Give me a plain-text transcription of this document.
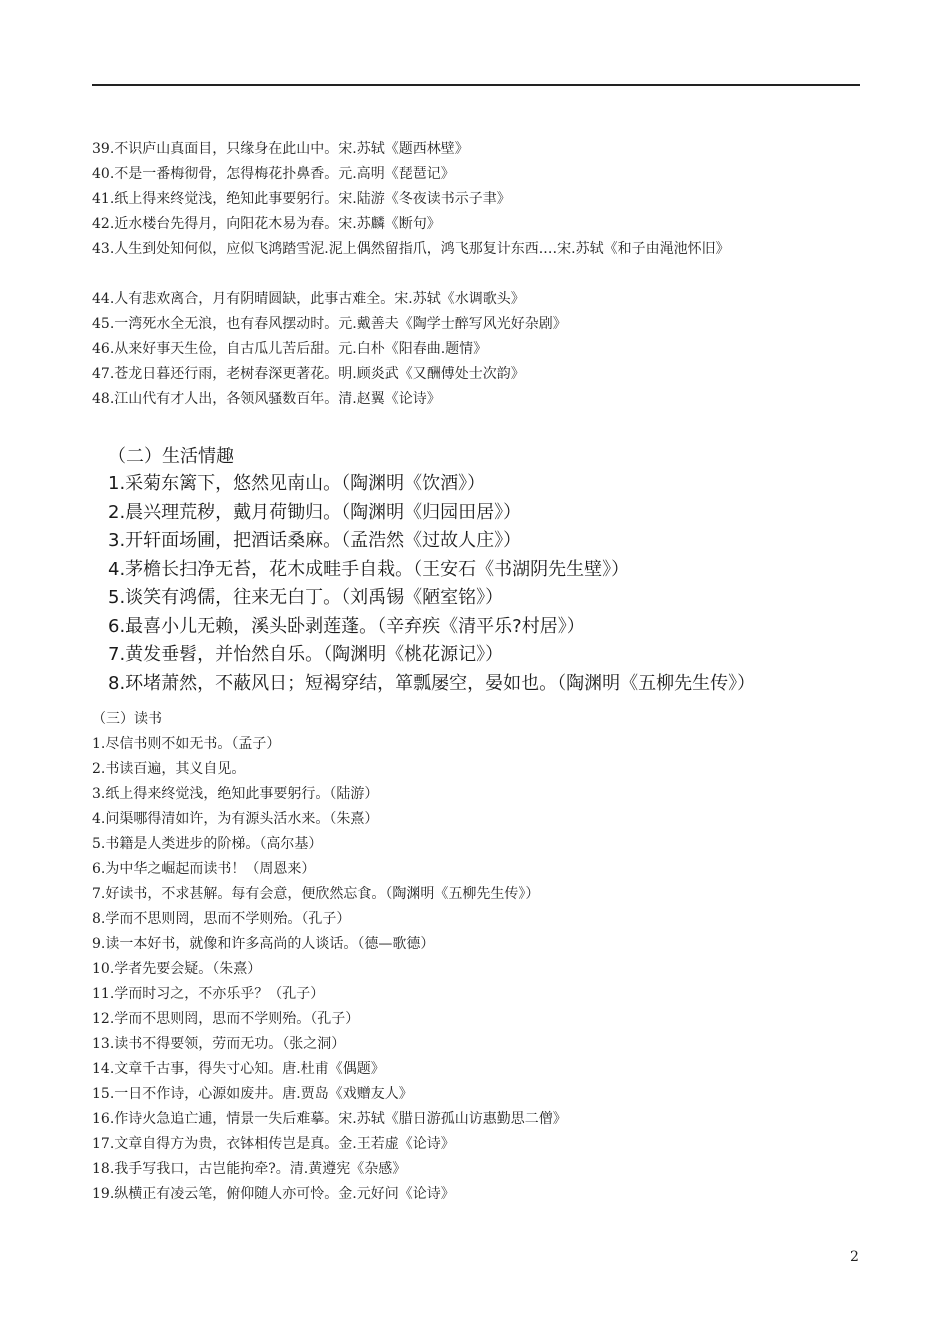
39.不识庐山真面目，只缘身在此山中。宋.苏轼《题西林壁》
40.不是一番梅彻骨，怎得梅花扑鼻香。元.高明《琵琶记》
41.纸上得来终觉浅，绝知此事要躬行。宋.陆游《冬夜读书示子聿》
42.近水楼台先得月，向阳花木易为春。宋.苏麟《断句》
43.人生到处知何似，应似飞鸿踏雪泥.泥上偶然留指爪，鸿飞那复计东西.…宋.苏轼《和子由渑池怀旧》
44.人有悲欢离合，月有阴晴圆缺，此事古难全。宋.苏轼《水调歌头》
45.一湾死水全无浪，也有春风摆动时。元.戴善夫《陶学士醉写风光好杂剧》
46.从来好事天生俭，自古瓜儿苦后甜。元.白朴《阳春曲.题情》
47.苍龙日暮还行雨，老树春深更著花。明.顾炎武《又酬傅处士次韵》
48.江山代有才人出，各领风骚数百年。清.赵翼《论诗》
（二）生活情趣
1.采菊东篱下，悠然见南山。（陶渊明《饮酒》）
2.晨兴理荒秽，戴月荷锄归。（陶渊明《归园田居》）
3.开轩面场圃，把酒话桑麻。（孟浩然《过故人庄》）
4.茅檐长扫净无苔，花木成畦手自栽。（王安石《书湖阴先生壁》）
5.谈笑有鸿儒，往来无白丁。（刘禹锡《陋室铭》）
6.最喜小儿无赖，溪头卧剥莲蓬。（辛弃疾《清平乐?村居》）
7.黄发垂髫，并怡然自乐。（陶渊明《桃花源记》）
8.环堵萧然，不蔽风日；短褐穿结，箪瓢屡空，晏如也。（陶渊明《五柳先生传》）
（三）读书
1.尽信书则不如无书。（孟子）
2.书读百遍，其义自见。
3.纸上得来终觉浅，绝知此事要躬行。（陆游）
4.问渠哪得清如许，为有源头活水来。（朱熹）
5.书籍是人类进步的阶梯。（高尔基）
6.为中华之崛起而读书！（周恩来）
7.好读书，不求甚解。每有会意，便欣然忘食。（陶渊明《五柳先生传》）
8.学而不思则罔，思而不学则殆。（孔子）
9.读一本好书，就像和许多高尚的人谈话。（德—歌德）
10.学者先要会疑。（朱熹）
11.学而时习之，不亦乐乎？（孔子）
12.学而不思则罔，思而不学则殆。（孔子）
13.读书不得要领，劳而无功。（张之洞）
14.文章千古事，得失寸心知。唐.杜甫《偶题》
15.一日不作诗，心源如废井。唐.贾岛《戏赠友人》
16.作诗火急追亡逋，情景一失后难摹。宋.苏轼《腊日游孤山访惠勤思二僧》
17.文章自得方为贵，衣钵相传岂是真。金.王若虚《论诗》
18.我手写我口，古岂能拘牵?。清.黄遵宪《杂感》
19.纵横正有凌云笔，俯仰随人亦可怜。金.元好问《论诗》
2
